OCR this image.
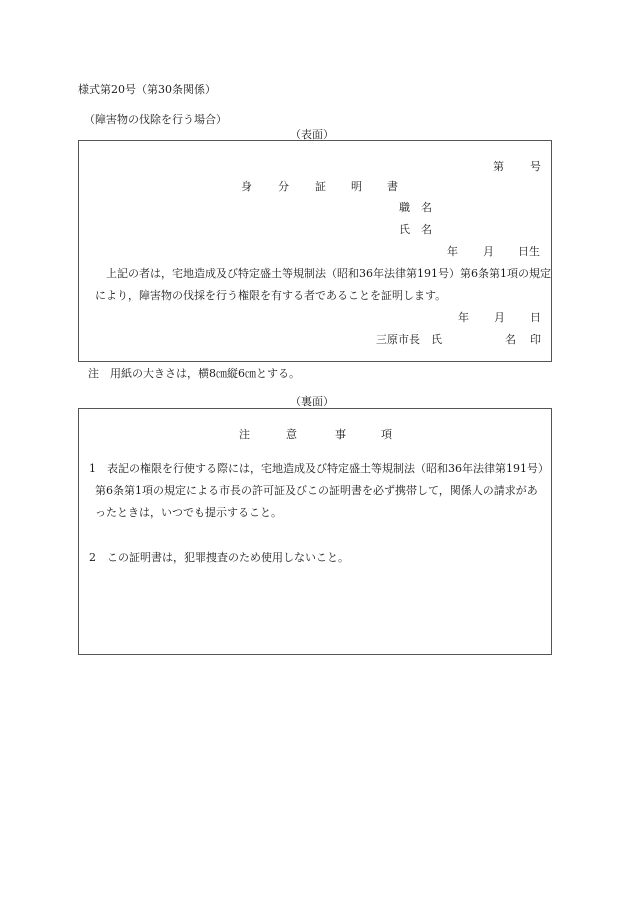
様式第20号（第30条関係）
（障害物の伐除を行う場合）
（表面）
第 号
身 分 証 明 書
職　名
氏　名
年 月 日生
上記の者は，宅地造成及び特定盛土等規制法（昭和36年法律第191号）第6条第1項の規定
により，障害物の伐採を行う権限を有する者であることを証明します。
年 月 日
三原市長　氏	名 印
注　用紙の大きさは，横8㎝縦6㎝とする。
（裏面）
注	意	事	項
1　表記の権限を行使する際には，宅地造成及び特定盛土等規制法（昭和36年法律第191号）
第6条第1項の規定による市長の許可証及びこの証明書を必ず携帯して，関係人の請求があ
ったときは，いつでも提示すること。
2　この証明書は，犯罪捜査のため使用しないこと。
